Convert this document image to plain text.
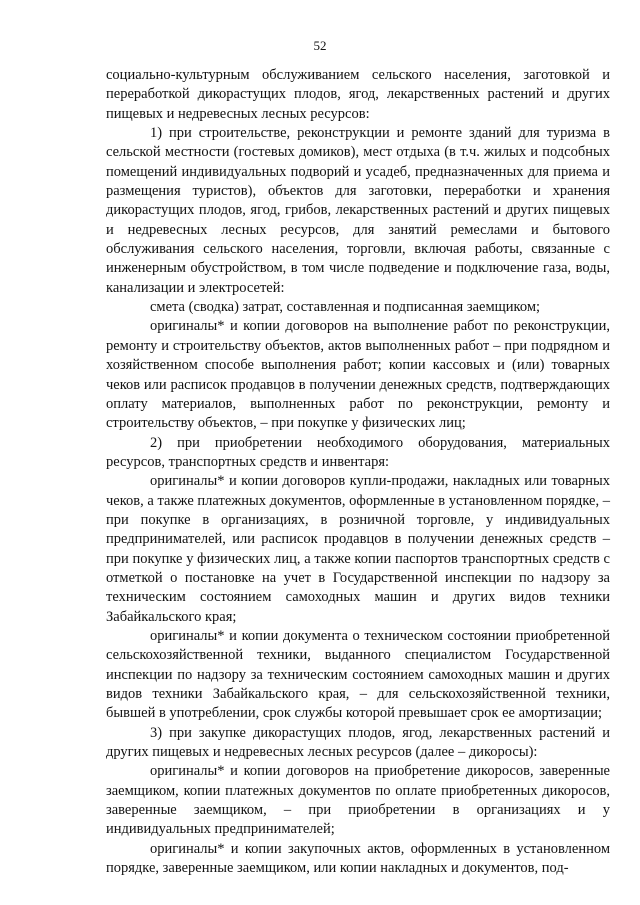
52

социально-культурным обслуживанием сельского населения, заготовкой и переработкой дикорастущих плодов, ягод, лекарственных растений и других пищевых и недревесных лесных ресурсов:

1) при строительстве, реконструкции и ремонте зданий для туризма в сельской местности (гостевых домиков), мест отдыха (в т.ч. жилых и подсобных помещений индивидуальных подворий и усадеб, предназначенных для приема и размещения туристов), объектов для заготовки, переработки и хранения дикорастущих плодов, ягод, грибов, лекарственных растений и других пищевых и недревесных лесных ресурсов, для занятий ремеслами и бытового обслуживания сельского населения, торговли, включая работы, связанные с инженерным обустройством, в том числе подведение и подключение газа, воды, канализации и электросетей:

смета (сводка) затрат, составленная и подписанная заемщиком;

оригиналы* и копии договоров на выполнение работ по реконструкции, ремонту и строительству объектов, актов выполненных работ – при подрядном и хозяйственном способе выполнения работ; копии кассовых и (или) товарных чеков или расписок продавцов в получении денежных средств, подтверждающих оплату материалов, выполненных работ по реконструкции, ремонту и строительству объектов, – при покупке у физических лиц;

2) при приобретении необходимого оборудования, материальных ресурсов, транспортных средств и инвентаря:

оригиналы* и копии договоров купли-продажи, накладных или товарных чеков, а также платежных документов, оформленные в установленном порядке, – при покупке в организациях, в розничной торговле, у индивидуальных предпринимателей, или расписок продавцов в получении денежных средств – при покупке у физических лиц, а также копии паспортов транспортных средств с отметкой о постановке на учет в Государственной инспекции по надзору за техническим состоянием самоходных машин и других видов техники Забайкальского края;

оригиналы* и копии документа о техническом состоянии приобретенной сельскохозяйственной техники, выданного специалистом Государственной инспекции по надзору за техническим состоянием самоходных машин и других видов техники Забайкальского края, – для сельскохозяйственной техники, бывшей в употреблении, срок службы которой превышает срок ее амортизации;

3) при закупке дикорастущих плодов, ягод, лекарственных растений и других пищевых и недревесных лесных ресурсов (далее – дикоросы):

оригиналы* и копии договоров на приобретение дикоросов, заверенные заемщиком, копии платежных документов по оплате приобретенных дикоросов, заверенные заемщиком, – при приобретении в организациях и у индивидуальных предпринимателей;

оригиналы* и копии закупочных актов, оформленных в установленном порядке, заверенные заемщиком, или копии накладных и документов, под-
